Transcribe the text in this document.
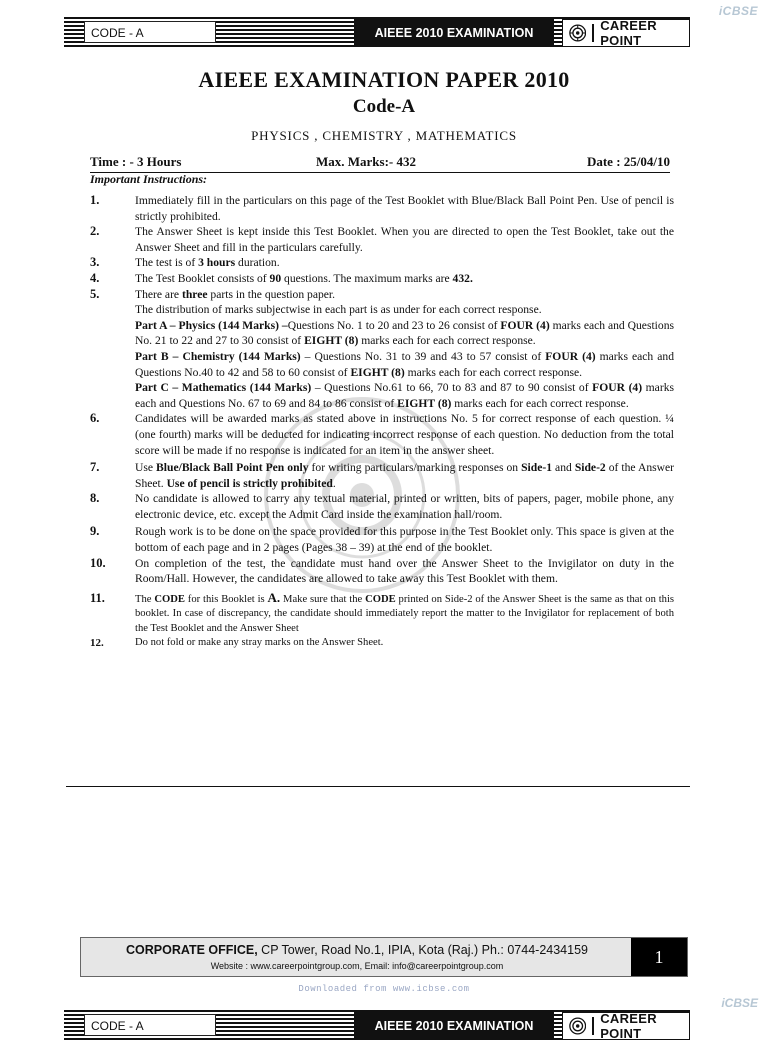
iCBSE
CODE - A	AIEEE 2010 EXAMINATION	CAREER POINT
AIEEE EXAMINATION PAPER 2010
Code-A
PHYSICS , CHEMISTRY , MATHEMATICS
Time : - 3 Hours	Max. Marks:- 432	Date : 25/04/10
Important Instructions:
1.	Immediately fill in the particulars on this page of the Test Booklet with Blue/Black Ball Point Pen. Use of pencil is strictly prohibited.

2.	The Answer Sheet is kept inside this Test Booklet. When you are directed to open the Test Booklet, take out the Answer Sheet and fill in the particulars carefully.

3.	The test is of 3 hours duration.

4.	The Test Booklet consists of 90 questions. The maximum marks are 432.

5.	There are three parts in the question paper.

The distribution of marks subjectwise in each part is as under for each correct response.

Part A – Physics (144 Marks) –Questions No. 1 to 20 and 23 to 26 consist of FOUR (4) marks each and Questions No. 21 to 22 and 27 to 30 consist of EIGHT (8) marks each for each correct response.

Part B – Chemistry (144 Marks) – Questions No. 31 to 39 and 43 to 57 consist of FOUR (4) marks each and Questions No.40 to 42 and 58 to 60 consist of EIGHT (8) marks each for each correct response.

Part C – Mathematics (144 Marks) – Questions No.61 to 66, 70 to 83 and 87 to 90 consist of FOUR (4) marks each and Questions No. 67 to 69 and 84 to 86 consist of EIGHT (8) marks each for each correct response.

6.	Candidates will be awarded marks as stated above in instructions No. 5 for correct response of each question. ¼ (one fourth) marks will be deducted for indicating incorrect response of each question. No deduction from the total score will be made if no response is indicated for an item in the answer sheet.

7.	Use Blue/Black Ball Point Pen only for writing particulars/marking responses on Side-1 and Side-2 of the Answer Sheet. Use of pencil is strictly prohibited.

8.	No candidate is allowed to carry any textual material, printed or written, bits of papers, pager, mobile phone, any electronic device, etc. except the Admit Card inside the examination hall/room.

9.	Rough work is to be done on the space provided for this purpose in the Test Booklet only. This space is given at the bottom of each page and in 2 pages (Pages 38 – 39) at the end of the booklet.

10.	On completion of the test, the candidate must hand over the Answer Sheet to the Invigilator on duty in the Room/Hall. However, the candidates are allowed to take away this Test Booklet with them.

11.	The CODE for this Booklet is A. Make sure that the CODE printed on Side-2 of the Answer Sheet is the same as that on this booklet. In case of discrepancy, the candidate should immediately report the matter to the Invigilator for replacement of both the Test Booklet and the Answer Sheet

12.	Do not fold or make any stray marks on the Answer Sheet.

CORPORATE OFFICE, CP Tower, Road No.1, IPIA, Kota (Raj.) Ph.: 0744-2434159
Website : www.careerpointgroup.com, Email: info@careerpointgroup.com	1
Downloaded from www.icbse.com
iCBSE
CODE - A	AIEEE 2010 EXAMINATION	CAREER POINT
